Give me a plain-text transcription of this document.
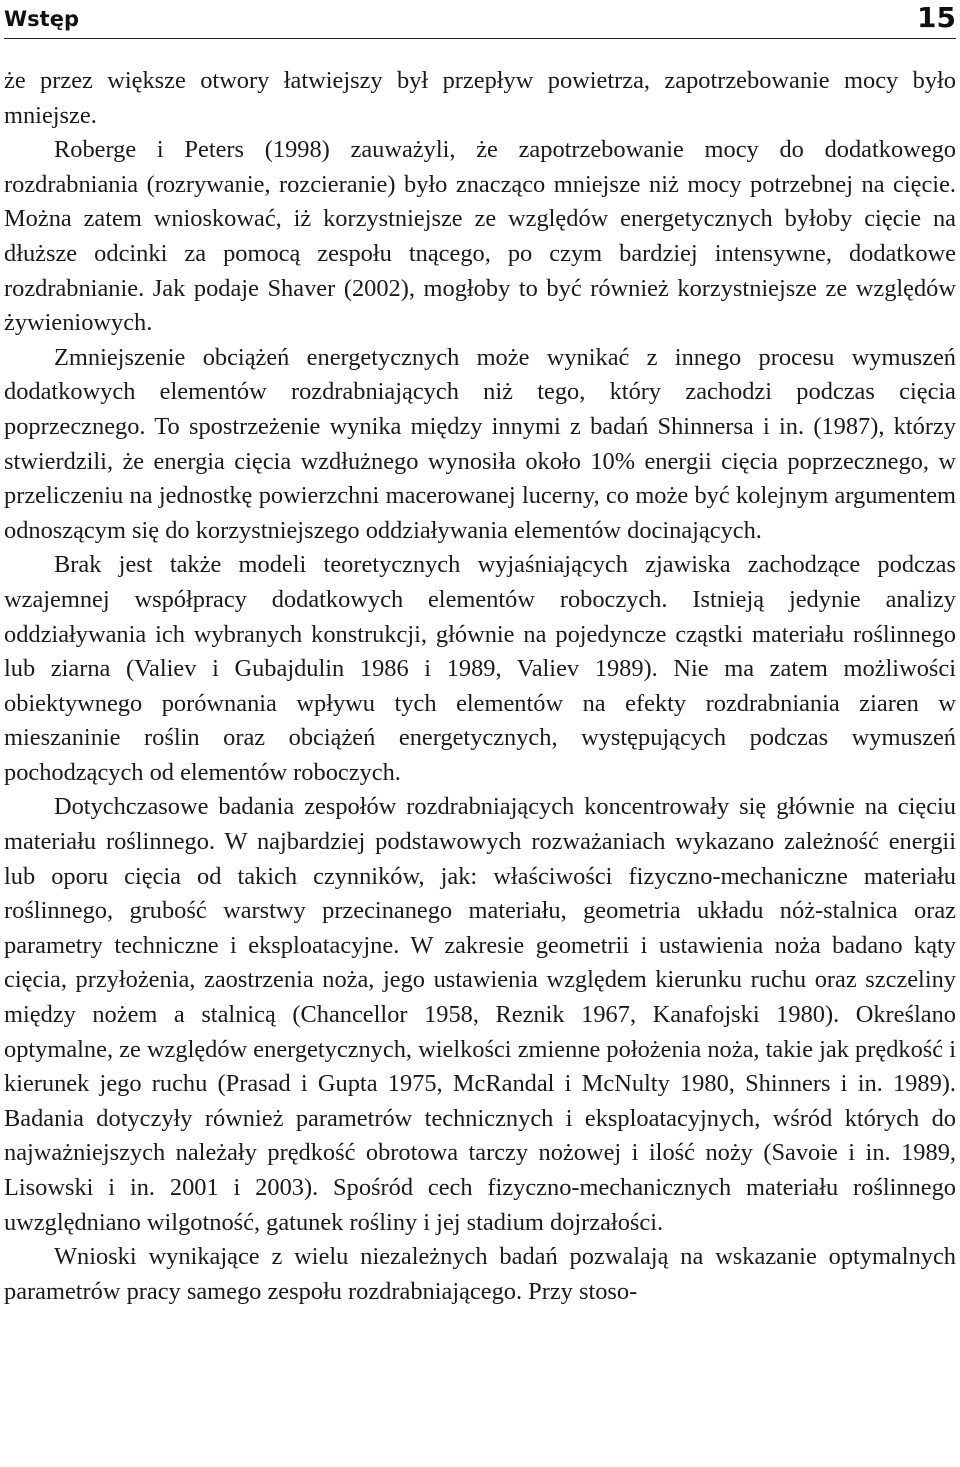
Wstęp	15

że przez większe otwory łatwiejszy był przepływ powietrza, zapotrzebowanie mocy było mniejsze.

Roberge i Peters (1998) zauważyli, że zapotrzebowanie mocy do dodatkowego rozdrabniania (rozrywanie, rozcieranie) było znacząco mniejsze niż mocy potrzebnej na cięcie. Można zatem wnioskować, iż korzystniejsze ze względów energetycznych byłoby cięcie na dłuższe odcinki za pomocą zespołu tnącego, po czym bardziej intensywne, dodatkowe rozdrabnianie. Jak podaje Shaver (2002), mogłoby to być również korzystniejsze ze względów żywieniowych.

Zmniejszenie obciążeń energetycznych może wynikać z innego procesu wymuszeń dodatkowych elementów rozdrabniających niż tego, który zachodzi podczas cięcia poprzecznego. To spostrzeżenie wynika między innymi z badań Shinnersa i in. (1987), którzy stwierdzili, że energia cięcia wzdłużnego wynosiła około 10% energii cięcia poprzecznego, w przeliczeniu na jednostkę powierzchni macerowanej lucerny, co może być kolejnym argumentem odnoszącym się do korzystniejszego oddziaływania elementów docinających.

Brak jest także modeli teoretycznych wyjaśniających zjawiska zachodzące podczas wzajemnej współpracy dodatkowych elementów roboczych. Istnieją jedynie analizy oddziaływania ich wybranych konstrukcji, głównie na pojedyncze cząstki materiału roślinnego lub ziarna (Valiev i Gubajdulin 1986 i 1989, Valiev 1989). Nie ma zatem możliwości obiektywnego porównania wpływu tych elementów na efekty rozdrabniania ziaren w mieszaninie roślin oraz obciążeń energetycznych, występujących podczas wymuszeń pochodzących od elementów roboczych.

Dotychczasowe badania zespołów rozdrabniających koncentrowały się głównie na cięciu materiału roślinnego. W najbardziej podstawowych rozważaniach wykazano zależność energii lub oporu cięcia od takich czynników, jak: właściwości fizyczno-mechaniczne materiału roślinnego, grubość warstwy przecinanego materiału, geometria układu nóż-stalnica oraz parametry techniczne i eksploatacyjne. W zakresie geometrii i ustawienia noża badano kąty cięcia, przyłożenia, zaostrzenia noża, jego ustawienia względem kierunku ruchu oraz szczeliny między nożem a stalnicą (Chancellor 1958, Reznik 1967, Kanafojski 1980). Określano optymalne, ze względów energetycznych, wielkości zmienne położenia noża, takie jak prędkość i kierunek jego ruchu (Prasad i Gupta 1975, McRandal i McNulty 1980, Shinners i in. 1989). Badania dotyczyły również parametrów technicznych i eksploatacyjnych, wśród których do najważniejszych należały prędkość obrotowa tarczy nożowej i ilość noży (Savoie i in. 1989, Lisowski i in. 2001 i 2003). Spośród cech fizyczno-mechanicznych materiału roślinnego uwzględniano wilgotność, gatunek rośliny i jej stadium dojrzałości.

Wnioski wynikające z wielu niezależnych badań pozwalają na wskazanie optymalnych parametrów pracy samego zespołu rozdrabniającego. Przy stoso-
